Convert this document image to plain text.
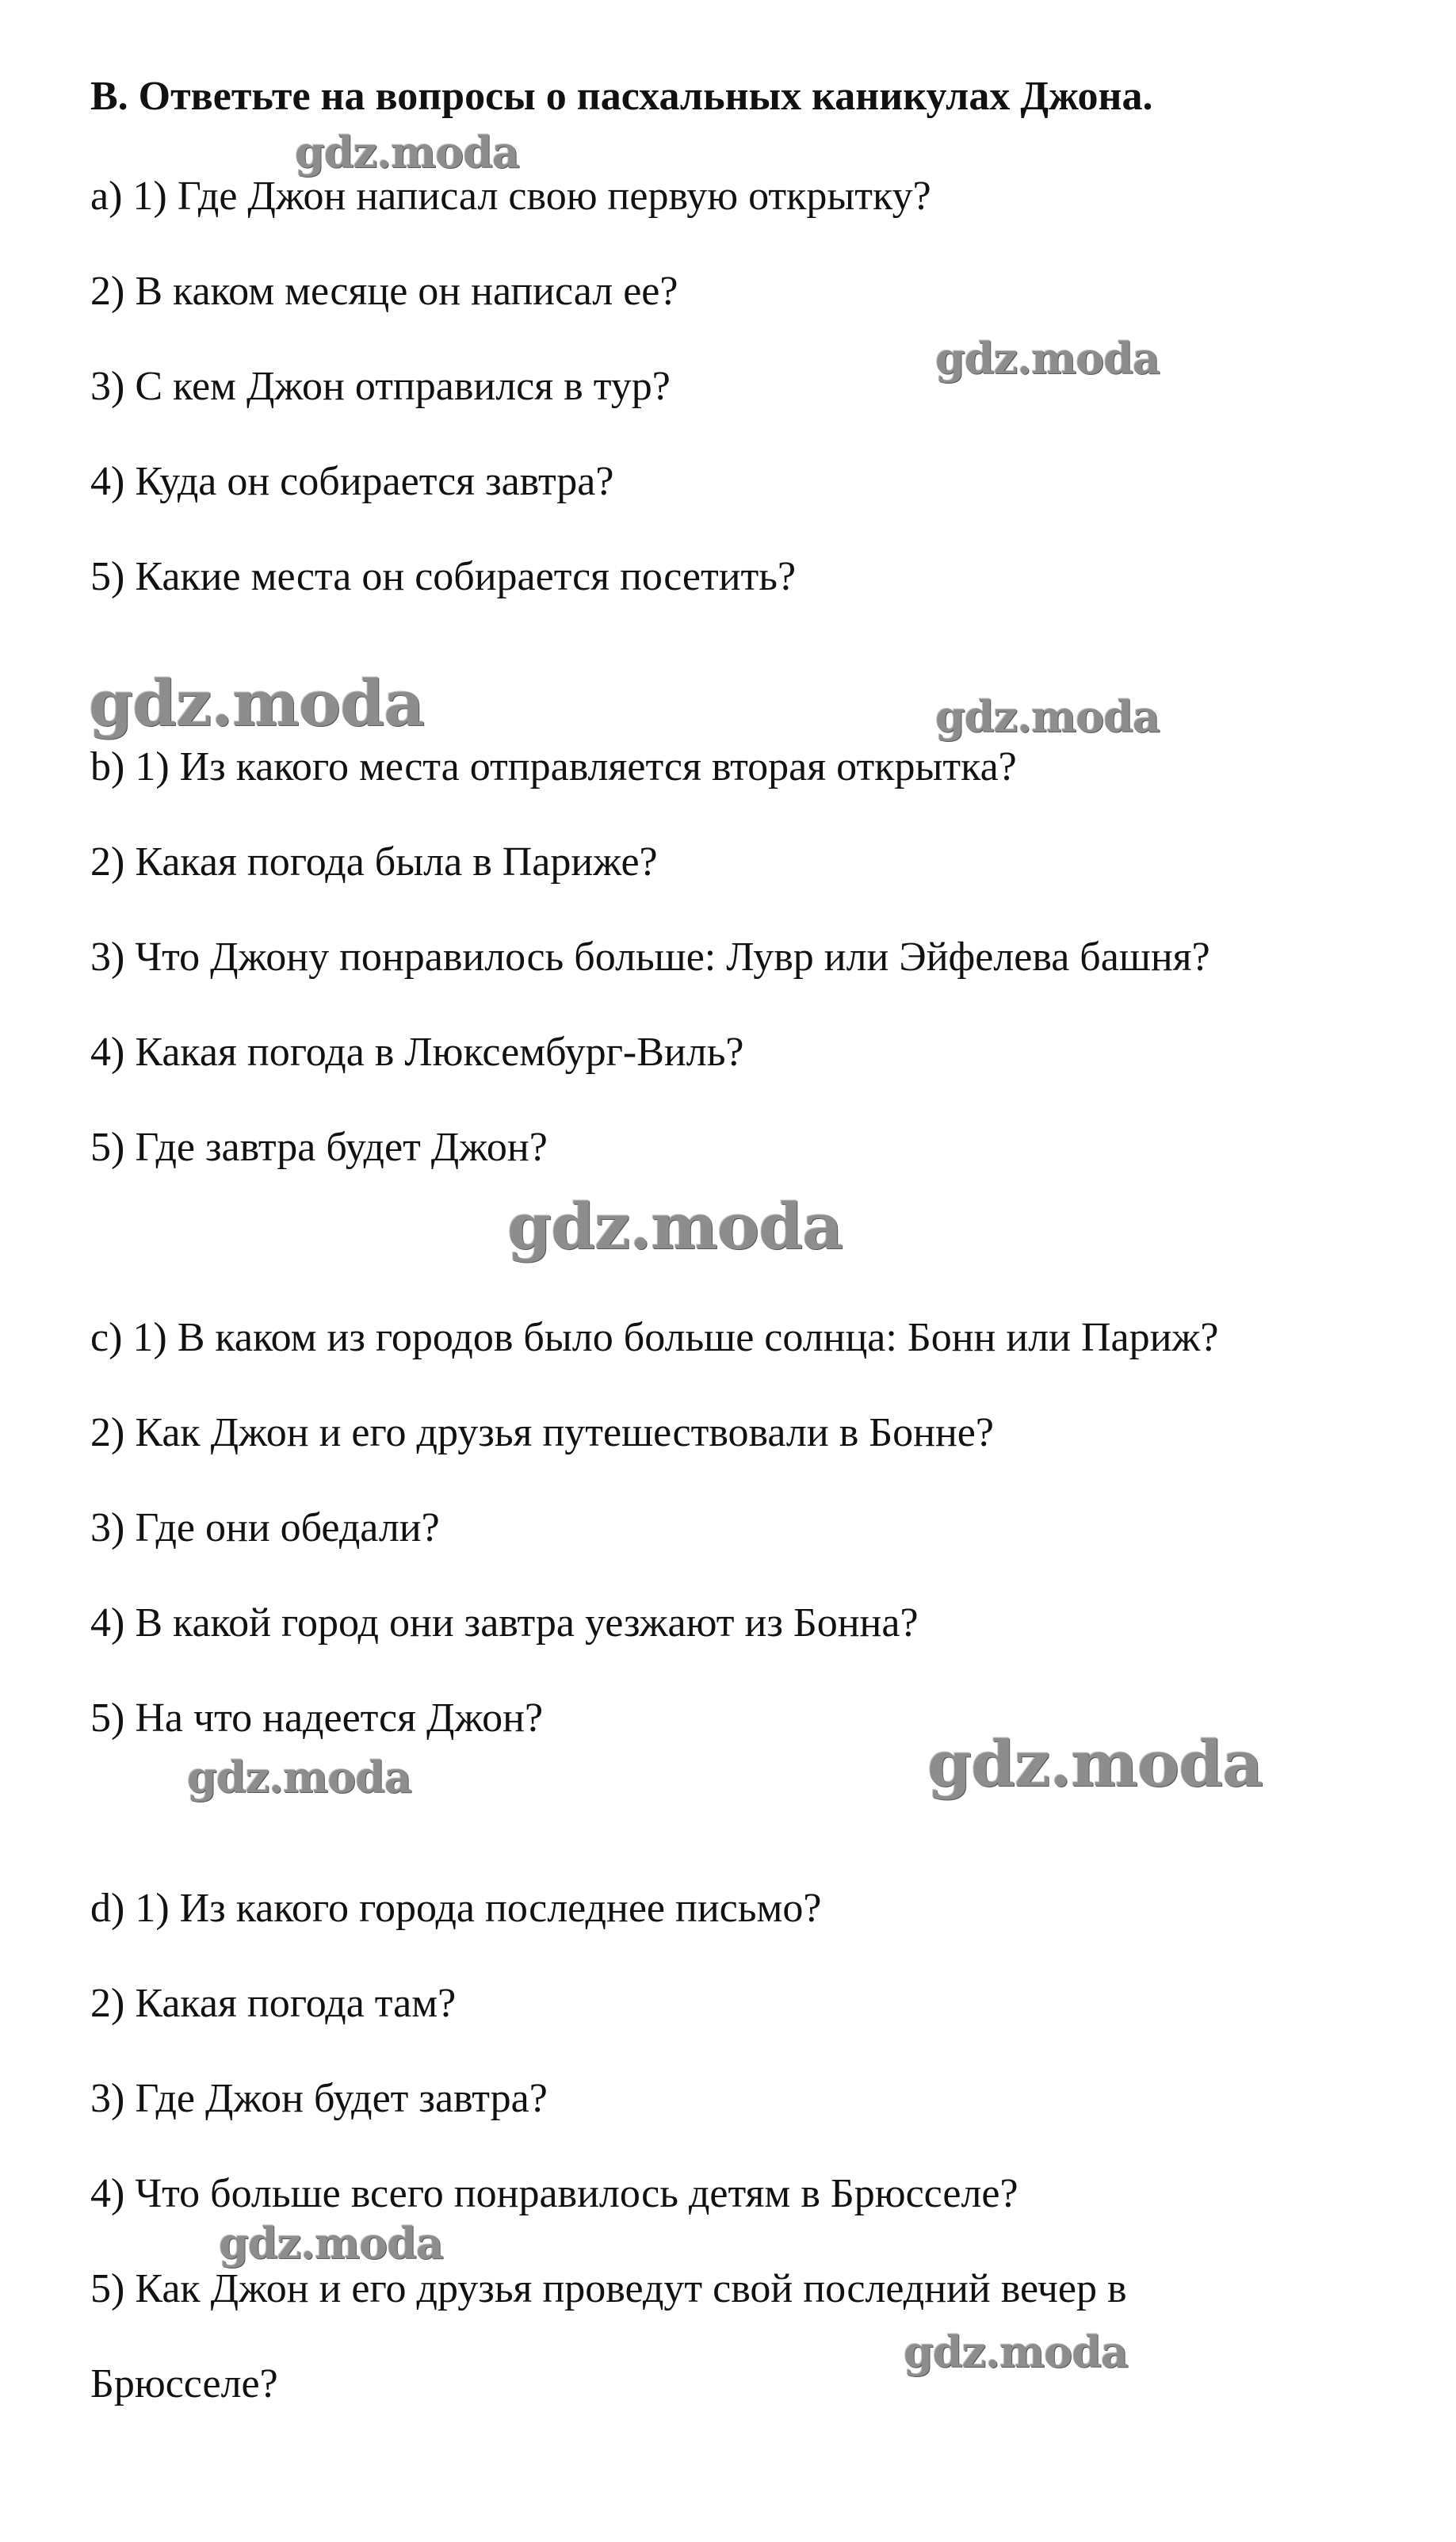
B. Ответьте на вопросы о пасхальных каникулах Джона.
a) 1) Где Джон написал свою первую открытку?
2) В каком месяце он написал ее?
3) С кем Джон отправился в тур?
4) Куда он собирается завтра?
5) Какие места он собирается посетить?
b) 1) Из какого места отправляется вторая открытка?
2) Какая погода была в Париже?
3) Что Джону понравилось больше: Лувр или Эйфелева башня?
4) Какая погода в Люксембург-Виль?
5) Где завтра будет Джон?
c) 1) В каком из городов было больше солнца: Бонн или Париж?
2) Как Джон и его друзья путешествовали в Бонне?
3) Где они обедали?
4) В какой город они завтра уезжают из Бонна?
5) На что надеется Джон?
d) 1) Из какого города последнее письмо?
2) Какая погода там?
3) Где Джон будет завтра?
4) Что больше всего понравилось детям в Брюсселе?
5) Как Джон и его друзья проведут свой последний вечер в
Брюсселе?
gdz.moda
gdz.moda
gdz.moda	gdz.moda
gdz.moda
gdz.moda	gdz.moda
gdz.moda
gdz.moda
